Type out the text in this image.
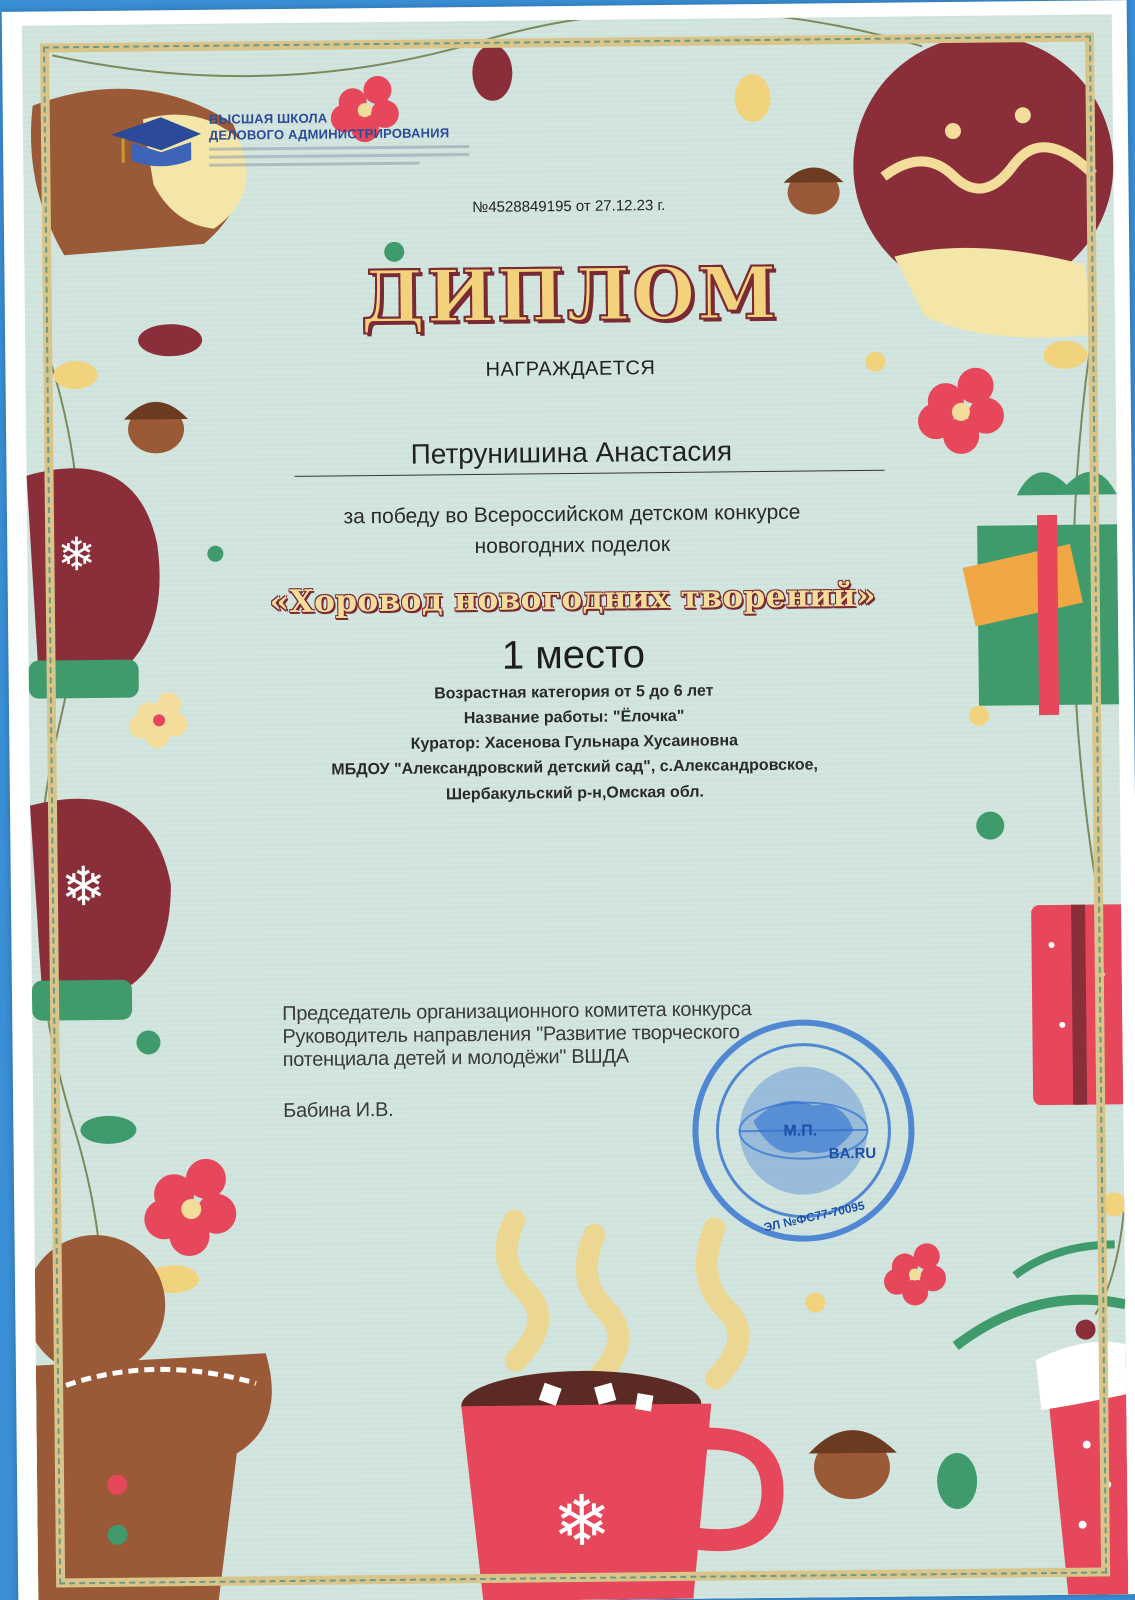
❄
❄
❄
ВЫСШАЯ ШКОЛА
ДЕЛОВОГО АДМИНИСТРИРОВАНИЯ
№4528849195 от 27.12.23 г.
ДИПЛОМ
НАГРАЖДАЕТСЯ
Петрунишина Анастасия
за победу во Всероссийском детском конкурсе
новогодних поделок
«Хоровод новогодних творений»
1 место
Возрастная категория от 5 до 6 лет
Название работы: "Ёлочка"
Куратор: Хасенова Гульнара Хусаиновна
МБДОУ "Александровский детский сад", с.Александровское,
Шербакульский р-н,Омская обл.
Председатель организационного комитета конкурса
Руководитель направления "Развитие творческого
потенциала детей и молодёжи" ВШДА
Бабина И.В.
М.П.
BA.RU
ЭЛ №ФС77-70095
